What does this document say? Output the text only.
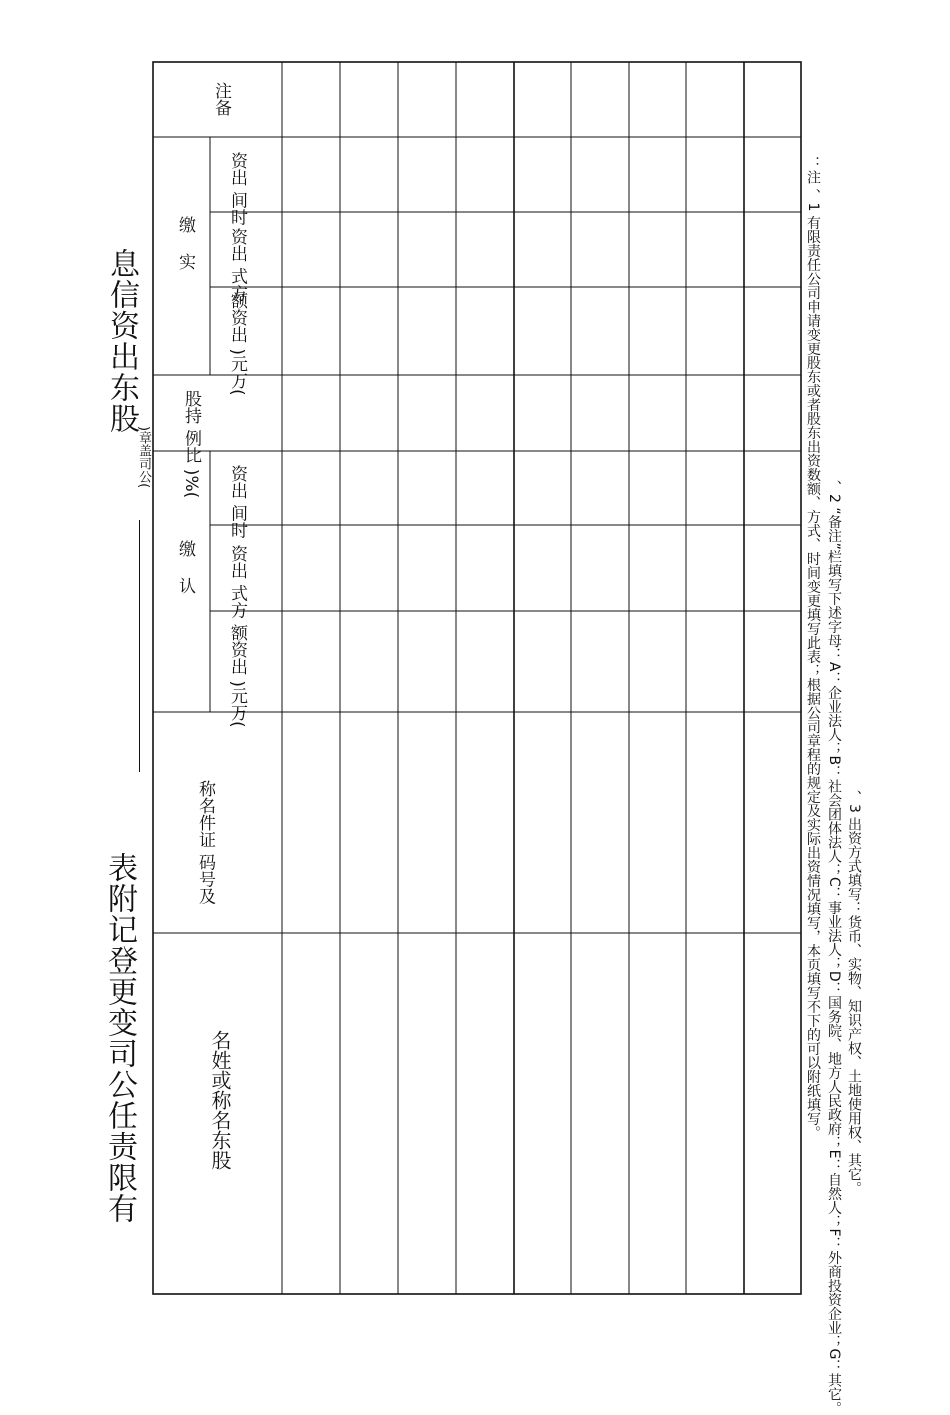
息信资出东股
)章盖司公(
表附记登更变司公任责限有
注备
缴实
资出 间时
资出 式方
额资出 )元万(
股持 例比 )%(
缴认
资出 间时
资出 式方
额资出 )元万(
称名件证 码号及
名姓或称名东股	：注 、1 有限责任公司申请变更股东或者股东出资数额、方式、时间变更填写此表；根据公司章程的规定及实际出资情况填写，本页填写不下的可以附纸填写。 、2 “备注”栏填写下述字母：A：企业法人；B：社会团体法人；C：事业法人；D：国务院、地方人民政府；E：自然人；F：外商投资企业；G：其它。 、3 出资方式填写：货币、实物、知识产权、土地使用权、其它。
